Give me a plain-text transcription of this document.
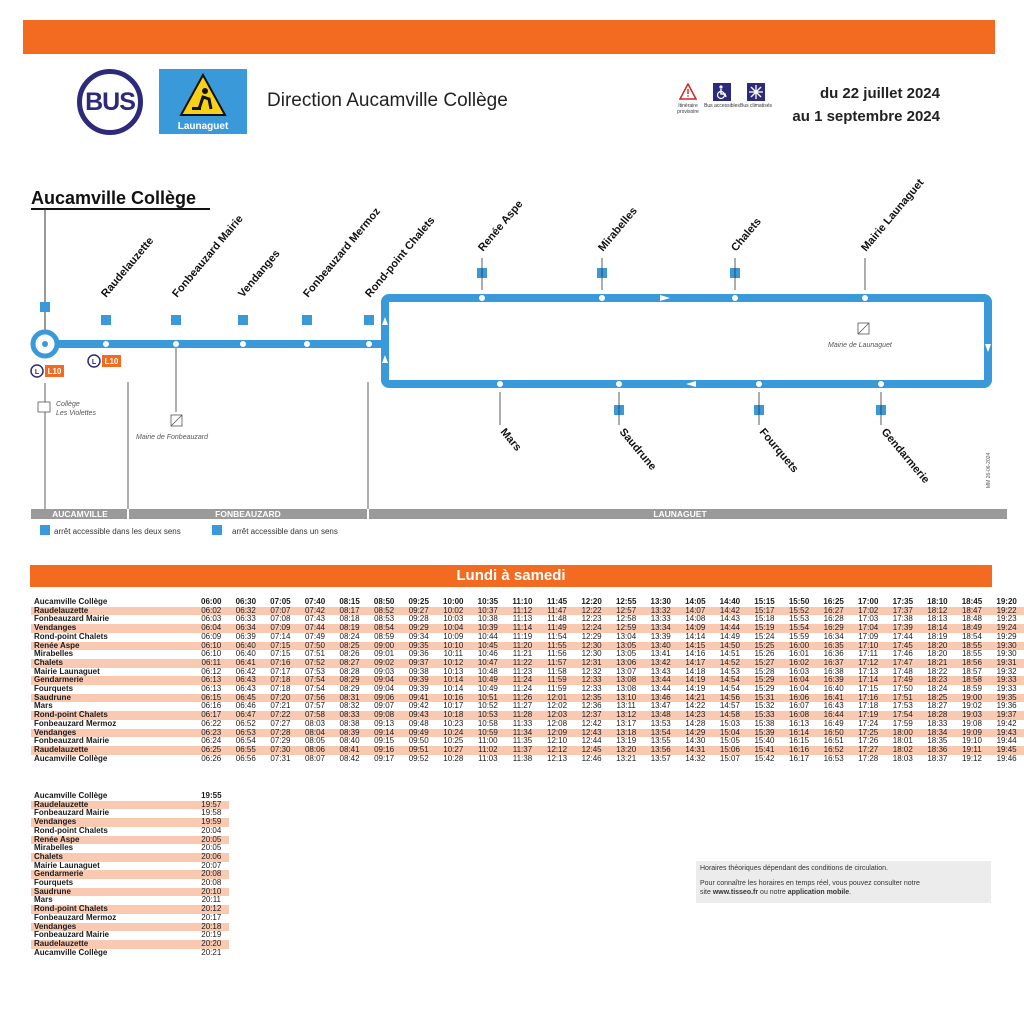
BUS
Launaguet
Direction Aucamville Collège	Itinéraire provisoire
Bus accessibles Bus climatisés
du 22 juillet 2024
au 1 septembre 2024
Aucamville Collège
L L10
L L10
Raudelauzette Fonbeauzard Mairie
Vendanges Fonbeauzard Mermoz
Rond-point Chalets	Renée Aspe	Mirabelles	Chalets	Mairie Launaguet
Mars	Saudrune	Fourquets	Gendarmerie
Collège
Les Violettes
Mairie de Fonbeauzard
Mairie de Launaguet
MM 26-06-2024
AUCAMVILLE	FONBEAUZARD	LAUNAGUET
arrêt accessible dans les deux sens	arrêt accessible dans un sens
Lundi à samedi
Aucamville Collège	06:00	06:30	07:05	07:40	08:15	08:50	09:25	10:00	10:35	11:10	11:45	12:20	12:55	13:30	14:05	14:40	15:15	15:50	16:25	17:00	17:35	18:10	18:45	19:20
Raudelauzette	06:02	06:32	07:07	07:42	08:17	08:52	09:27	10:02	10:37	11:12	11:47	12:22	12:57	13:32	14:07	14:42	15:17	15:52	16:27	17:02	17:37	18:12	18:47	19:22
Fonbeauzard Mairie	06:03	06:33	07:08	07:43	08:18	08:53	09:28	10:03	10:38	11:13	11:48	12:23	12:58	13:33	14:08	14:43	15:18	15:53	16:28	17:03	17:38	18:13	18:48	19:23
Vendanges	06:04	06:34	07:09	07:44	08:19	08:54	09:29	10:04	10:39	11:14	11:49	12:24	12:59	13:34	14:09	14:44	15:19	15:54	16:29	17:04	17:39	18:14	18:49	19:24
Rond-point Chalets	06:09	06:39	07:14	07:49	08:24	08:59	09:34	10:09	10:44	11:19	11:54	12:29	13:04	13:39	14:14	14:49	15:24	15:59	16:34	17:09	17:44	18:19	18:54	19:29
Renée Aspe	06:10	06:40	07:15	07:50	08:25	09:00	09:35	10:10	10:45	11:20	11:55	12:30	13:05	13:40	14:15	14:50	15:25	16:00	16:35	17:10	17:45	18:20	18:55	19:30
Mirabelles	06:10	06:40	07:15	07:51	08:26	09:01	09:36	10:11	10:46	11:21	11:56	12:30	13:05	13:41	14:16	14:51	15:26	16:01	16:36	17:11	17:46	18:20	18:55	19:30
Chalets	06:11	06:41	07:16	07:52	08:27	09:02	09:37	10:12	10:47	11:22	11:57	12:31	13:06	13:42	14:17	14:52	15:27	16:02	16:37	17:12	17:47	18:21	18:56	19:31
Mairie Launaguet	06:12	06:42	07:17	07:53	08:28	09:03	09:38	10:13	10:48	11:23	11:58	12:32	13:07	13:43	14:18	14:53	15:28	16:03	16:38	17:13	17:48	18:22	18:57	19:32
Gendarmerie	06:13	06:43	07:18	07:54	08:29	09:04	09:39	10:14	10:49	11:24	11:59	12:33	13:08	13:44	14:19	14:54	15:29	16:04	16:39	17:14	17:49	18:23	18:58	19:33
Fourquets	06:13	06:43	07:18	07:54	08:29	09:04	09:39	10:14	10:49	11:24	11:59	12:33	13:08	13:44	14:19	14:54	15:29	16:04	16:40	17:15	17:50	18:24	18:59	19:33
Saudrune	06:15	06:45	07:20	07:56	08:31	09:06	09:41	10:16	10:51	11:26	12:01	12:35	13:10	13:46	14:21	14:56	15:31	16:06	16:41	17:16	17:51	18:25	19:00	19:35
Mars	06:16	06:46	07:21	07:57	08:32	09:07	09:42	10:17	10:52	11:27	12:02	12:36	13:11	13:47	14:22	14:57	15:32	16:07	16:43	17:18	17:53	18:27	19:02	19:36
Rond-point Chalets	06:17	06:47	07:22	07:58	08:33	09:08	09:43	10:18	10:53	11:28	12:03	12:37	13:12	13:48	14:23	14:58	15:33	16:08	16:44	17:19	17:54	18:28	19:03	19:37
Fonbeauzard Mermoz	06:22	06:52	07:27	08:03	08:38	09:13	09:48	10:23	10:58	11:33	12:08	12:42	13:17	13:53	14:28	15:03	15:38	16:13	16:49	17:24	17:59	18:33	19:08	19:42
Vendanges	06:23	06:53	07:28	08:04	08:39	09:14	09:49	10:24	10:59	11:34	12:09	12:43	13:18	13:54	14:29	15:04	15:39	16:14	16:50	17:25	18:00	18:34	19:09	19:43
Fonbeauzard Mairie	06:24	06:54	07:29	08:05	08:40	09:15	09:50	10:25	11:00	11:35	12:10	12:44	13:19	13:55	14:30	15:05	15:40	16:15	16:51	17:26	18:01	18:35	19:10	19:44
Raudelauzette	06:25	06:55	07:30	08:06	08:41	09:16	09:51	10:27	11:02	11:37	12:12	12:45	13:20	13:56	14:31	15:06	15:41	16:16	16:52	17:27	18:02	18:36	19:11	19:45
Aucamville Collège	06:26	06:56	07:31	08:07	08:42	09:17	09:52	10:28	11:03	11:38	12:13	12:46	13:21	13:57	14:32	15:07	15:42	16:17	16:53	17:28	18:03	18:37	19:12	19:46
Aucamville Collège	19:55
Raudelauzette	19:57
Fonbeauzard Mairie	19:58
Vendanges	19:59
Rond-point Chalets	20:04
Renée Aspe	20:05
Mirabelles	20:05
Chalets	20:06
Mairie Launaguet	20:07
Gendarmerie	20:08
Fourquets	20:08
Saudrune	20:10
Mars	20:11
Rond-point Chalets	20:12
Fonbeauzard Mermoz	20:17
Vendanges	20:18
Fonbeauzard Mairie	20:19
Raudelauzette	20:20
Aucamville Collège	20:21
Horaires théoriques dépendant des conditions de circulation.
Pour connaître les horaires en temps réel, vous pouvez consulter notre
site www.tisseo.fr ou notre application mobile.
